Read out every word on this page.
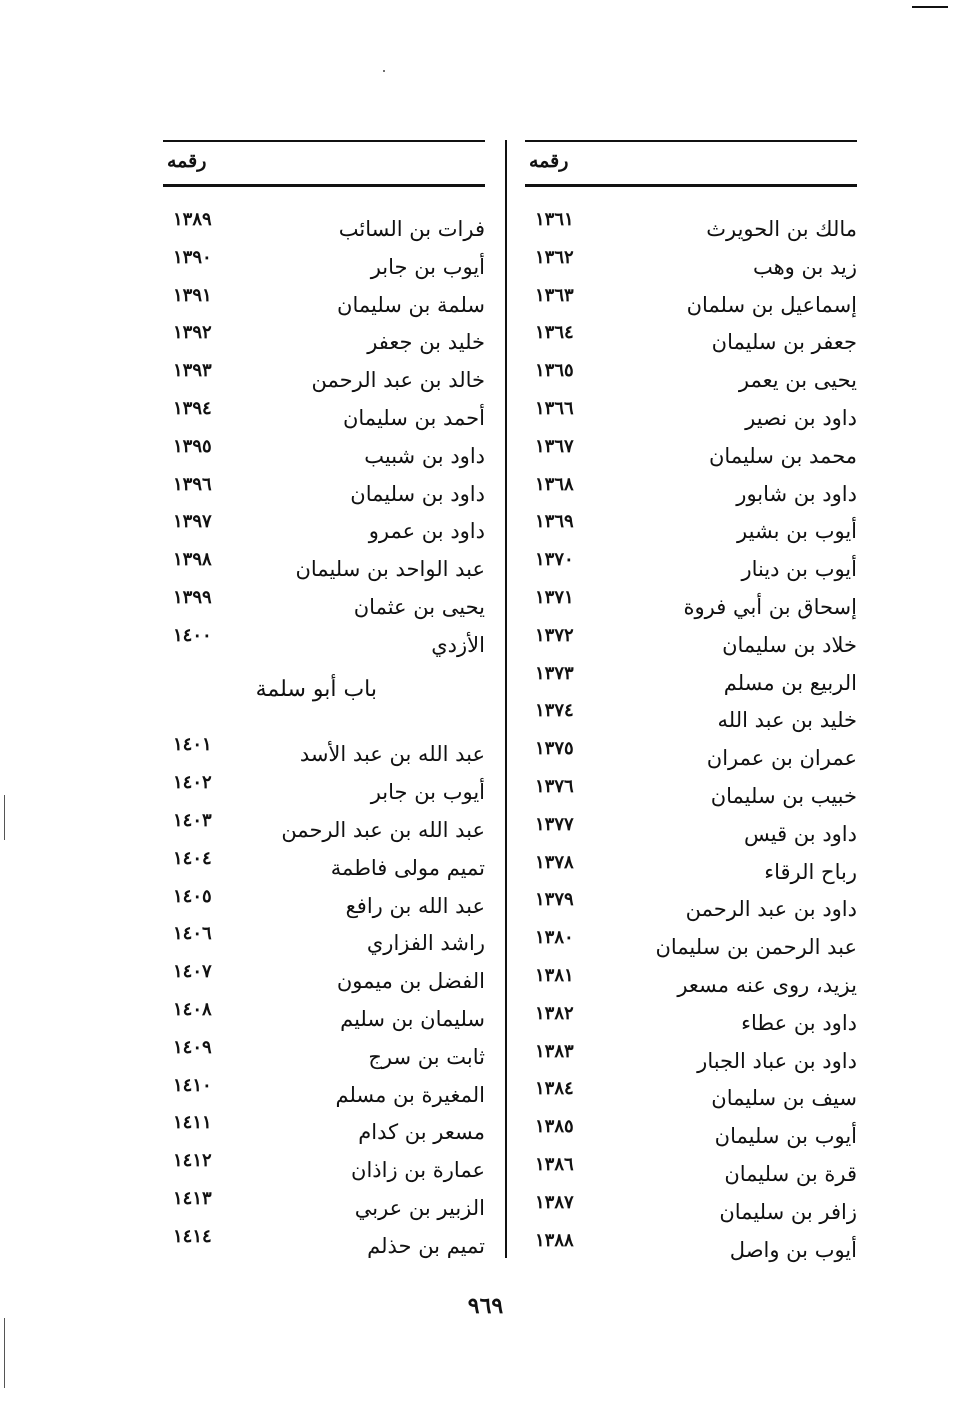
رقمه
١٣٦١	مالك بن الحويرث
١٣٦٢	زيد بن وهب
١٣٦٣	إسماعيل بن سلمان
١٣٦٤	جعفر بن سليمان
١٣٦٥	يحيى بن يعمر
١٣٦٦	داود بن نصير
١٣٦٧	محمد بن سليمان
١٣٦٨	داود بن شابور
١٣٦٩	أيوب بن بشير
١٣٧٠	أيوب بن دينار
١٣٧١	إسحاق بن أبي فروة
١٣٧٢	خلاد بن سليمان
١٣٧٣	الربيع بن مسلم
١٣٧٤	خليد بن عبد الله
١٣٧٥	عمران بن عمران
١٣٧٦	خبيب بن سليمان
١٣٧٧	داود بن قيس
١٣٧٨	رباح الرقاء
١٣٧٩	داود بن عبد الرحمن
١٣٨٠	عبد الرحمن بن سليمان
١٣٨١	يزيد، روى عنه مسعر
١٣٨٢	داود بن عطاء
١٣٨٣	داود بن عباد الجبار
١٣٨٤	سيف بن سليمان
١٣٨٥	أيوب بن سليمان
١٣٨٦	قرة بن سليمان
١٣٨٧	زافر بن سليمان
١٣٨٨	أيوب بن واصل
رقمه
باب أبو سلمة
١٣٨٩	فرات بن السائب
١٣٩٠	أيوب بن جابر
١٣٩١	سلمة بن سليمان
١٣٩٢	خليد بن جعفر
١٣٩٣	خالد بن عبد الرحمن
١٣٩٤	أحمد بن سليمان
١٣٩٥	داود بن شبيب
١٣٩٦	داود بن سليمان
١٣٩٧	داود بن عمرو
١٣٩٨	عبد الواحد بن سليمان
١٣٩٩	يحيى بن عثمان
١٤٠٠	الأزدي
١٤٠١	عبد الله بن عبد الأسد
١٤٠٢	أيوب بن جابر
١٤٠٣	عبد الله بن عبد الرحمن
١٤٠٤	تميم مولى فاطمة
١٤٠٥	عبد الله بن رافع
١٤٠٦	راشد الفزاري
١٤٠٧	الفضل بن ميمون
١٤٠٨	سليمان بن سليم
١٤٠٩	ثابت بن سرج
١٤١٠	المغيرة بن مسلم
١٤١١	مسعر بن كدام
١٤١٢	عمارة بن زاذان
١٤١٣	الزبير بن عربي
١٤١٤	تميم بن حذلم
٩٦٩
